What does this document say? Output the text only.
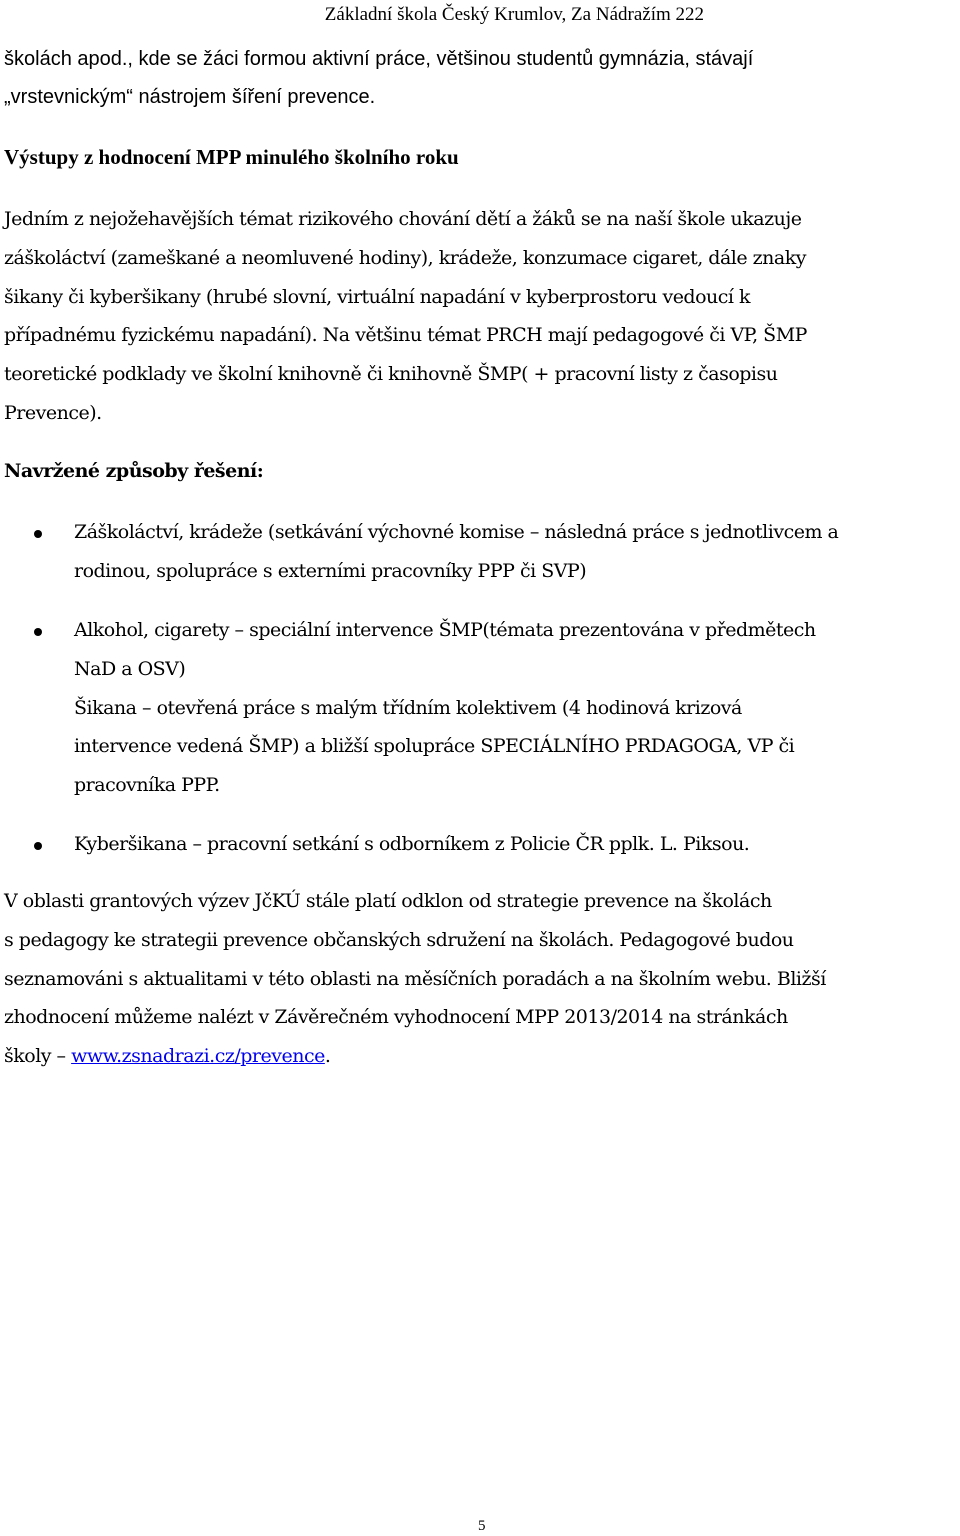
Základní škola Český Krumlov, Za Nádražím 222
školách apod., kde se žáci formou aktivní práce, většinou studentů gymnázia, stávají
„vrstevnickým“ nástrojem šíření prevence.
Výstupy z hodnocení MPP minulého školního roku
Jedním z nejožehavějších témat rizikového chování dětí a žáků se na naší škole ukazuje
záškoláctví (zameškané a neomluvené hodiny), krádeže, konzumace cigaret, dále znaky
šikany či kyberšikany (hrubé slovní, virtuální napadání v kyberprostoru vedoucí k
případnému fyzickému napadání). Na většinu témat PRCH mají pedagogové či VP, ŠMP
teoretické podklady ve školní knihovně či knihovně ŠMP( + pracovní listy z časopisu
Prevence).
Navržené způsoby řešení:
Záškoláctví, krádeže (setkávání výchovné komise – následná práce s jednotlivcem a
rodinou, spolupráce s externími pracovníky PPP či SVP)
Alkohol, cigarety – speciální intervence ŠMP(témata prezentována v předmětech
NaD a OSV)
Šikana – otevřená práce s malým třídním kolektivem (4 hodinová krizová
intervence vedená ŠMP) a bližší spolupráce SPECIÁLNÍHO PRDAGOGA, VP či
pracovníka PPP.
Kyberšikana – pracovní setkání s odborníkem z Policie ČR pplk. L. Piksou.
V oblasti grantových výzev JčKÚ stále platí odklon od strategie prevence na školách
s pedagogy ke strategii prevence občanských sdružení na školách. Pedagogové budou
seznamováni s aktualitami v této oblasti na měsíčních poradách a na školním webu. Bližší
zhodnocení můžeme nalézt v Závěrečném vyhodnocení MPP 2013/2014 na stránkách
školy – www.zsnadrazi.cz/prevence.
5
